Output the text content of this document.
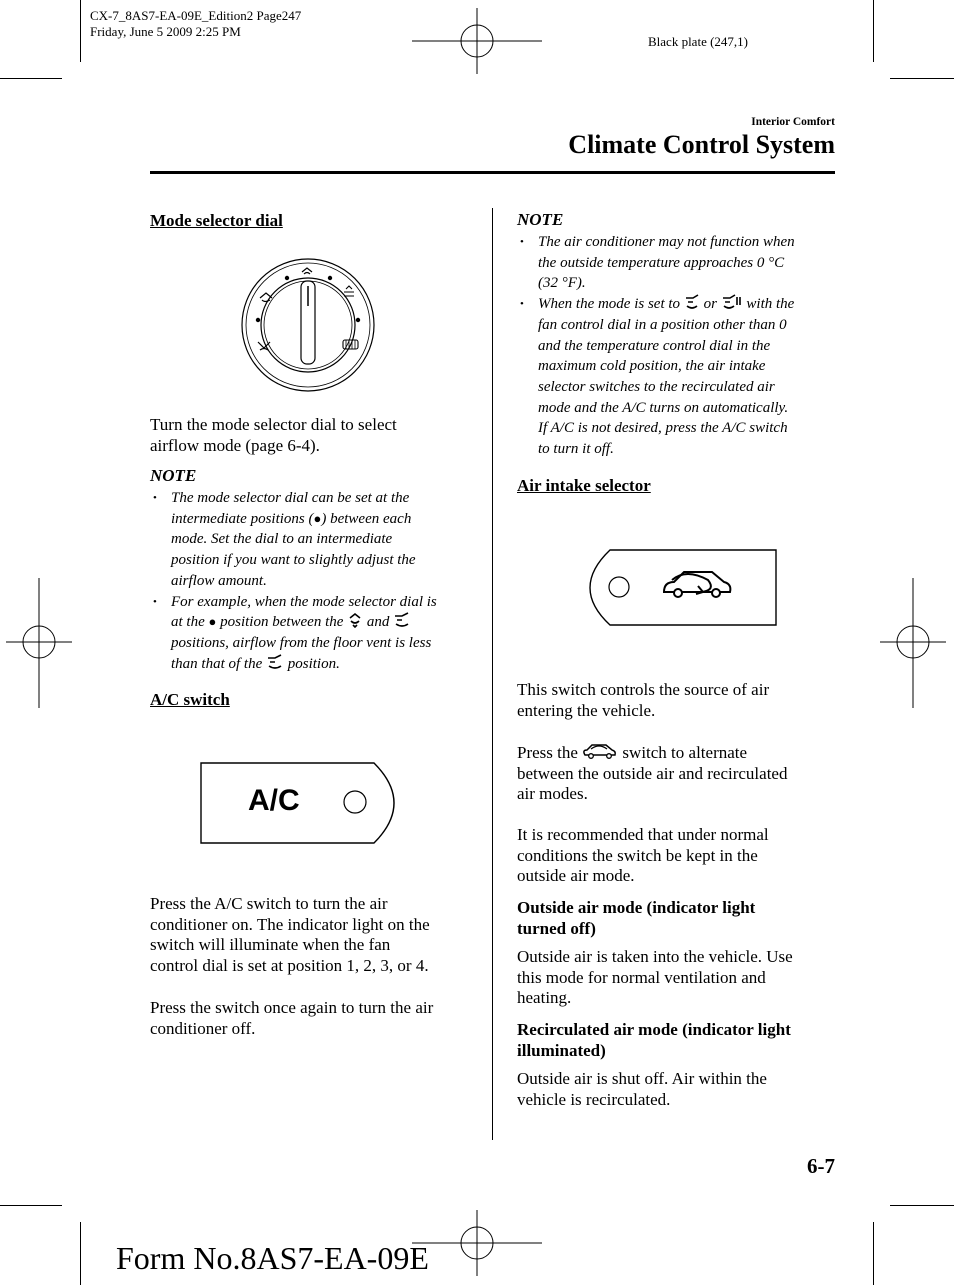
CX-7_8AS7-EA-09E_Edition2 Page247
Friday, June 5 2009 2:25 PM
Black plate (247,1)
Interior Comfort
Climate Control System
Mode selector dial
Turn the mode selector dial to select
airflow mode (page 6-4).
NOTE
• The mode selector dial can be set at the
intermediate positions (●) between each
mode. Set the dial to an intermediate
position if you want to slightly adjust the
airflow amount.
• For example, when the mode selector dial is
at the ● position between the and
positions, airflow from the floor vent is less
than that of the position.
A/C switch
A/C
Press the A/C switch to turn the air
conditioner on. The indicator light on the
switch will illuminate when the fan
control dial is set at position 1, 2, 3, or 4.
Press the switch once again to turn the air
conditioner off.
NOTE
• The air conditioner may not function when
the outside temperature approaches 0 °C
(32 °F).
• When the mode is set to or with the
fan control dial in a position other than 0
and the temperature control dial in the
maximum cold position, the air intake
selector switches to the recirculated air
mode and the A/C turns on automatically.
If A/C is not desired, press the A/C switch
to turn it off.
Air intake selector
This switch controls the source of air
entering the vehicle.
Press the	switch to alternate
between the outside air and recirculated
air modes.
It is recommended that under normal
conditions the switch be kept in the
outside air mode.
Outside air mode (indicator light
turned off)
Outside air is taken into the vehicle. Use
this mode for normal ventilation and
heating.
Recirculated air mode (indicator light
illuminated)
Outside air is shut off. Air within the
vehicle is recirculated.
6-7
Form No.8AS7-EA-09E
